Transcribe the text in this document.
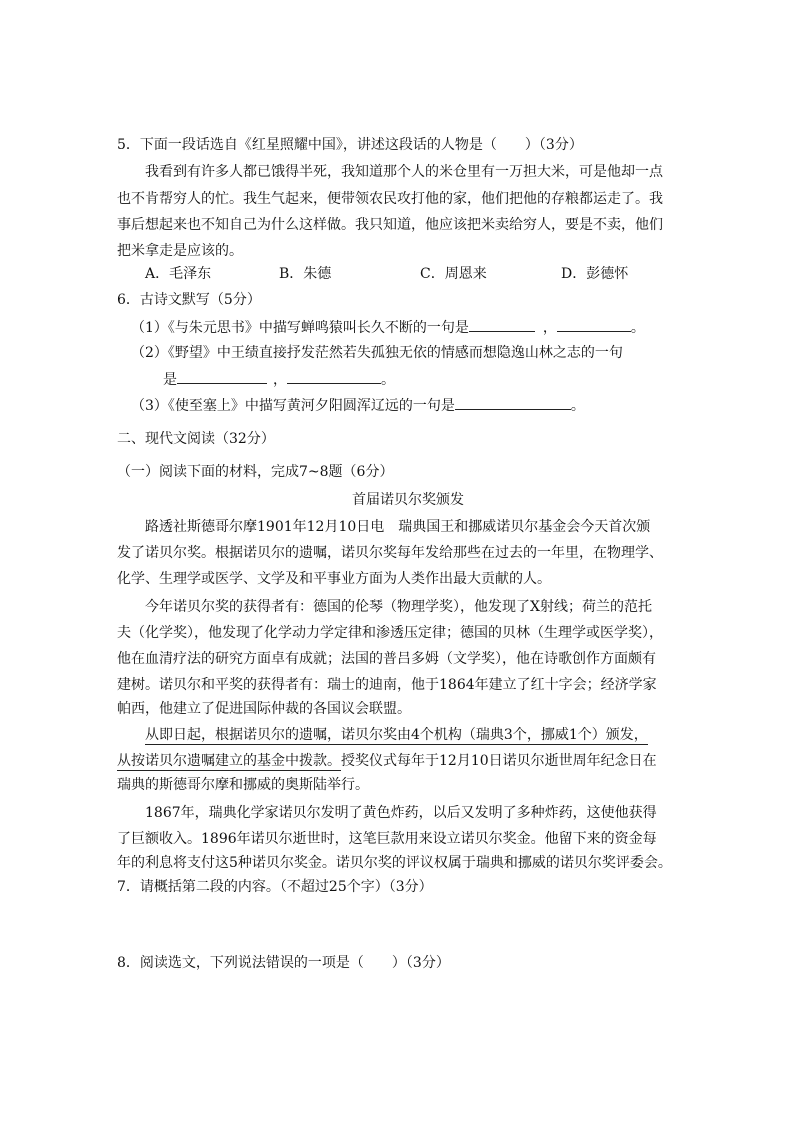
5．下面一段话选自《红星照耀中国》，讲述这段话的人物是（　　）（3分）
我看到有许多人都已饿得半死，我知道那个人的米仓里有一万担大米，可是他却一点
也不肯帮穷人的忙。我生气起来，便带领农民攻打他的家，他们把他的存粮都运走了。我
事后想起来也不知自己为什么这样做。我只知道，他应该把米卖给穷人，要是不卖，他们
把米拿走是应该的。
A．毛泽东	B．朱德	C．周恩来	D．彭德怀
6．古诗文默写（5分）
（1）《与朱元思书》中描写蝉鸣猿叫长久不断的一句是	，	。
（2）《野望》中王绩直接抒发茫然若失孤独无依的情感而想隐逸山林之志的一句
是	，	。
（3）《使至塞上》中描写黄河夕阳圆浑辽远的一句是	。
二、现代文阅读（32分）
（一）阅读下面的材料，完成7~8题（6分）
首届诺贝尔奖颁发
路透社斯德哥尔摩1901年12月10日电　瑞典国王和挪威诺贝尔基金会今天首次颁
发了诺贝尔奖。根据诺贝尔的遗嘱，诺贝尔奖每年发给那些在过去的一年里，在物理学、
化学、生理学或医学、文学及和平事业方面为人类作出最大贡献的人。
今年诺贝尔奖的获得者有：德国的伦琴（物理学奖），他发现了X射线；荷兰的范托
夫（化学奖），他发现了化学动力学定律和渗透压定律；德国的贝林（生理学或医学奖），
他在血清疗法的研究方面卓有成就；法国的普吕多姆（文学奖），他在诗歌创作方面颇有
建树。诺贝尔和平奖的获得者有：瑞士的迪南，他于1864年建立了红十字会；经济学家
帕西，他建立了促进国际仲裁的各国议会联盟。
从即日起，根据诺贝尔的遗嘱，诺贝尔奖由4个机构（瑞典3个，挪威1个）颁发，
从按诺贝尔遗嘱建立的基金中拨款。授奖仪式每年于12月10日诺贝尔逝世周年纪念日在
瑞典的斯德哥尔摩和挪威的奥斯陆举行。
1867年，瑞典化学家诺贝尔发明了黄色炸药，以后又发明了多种炸药，这使他获得
了巨额收入。1896年诺贝尔逝世时，这笔巨款用来设立诺贝尔奖金。他留下来的资金每
年的利息将支付这5种诺贝尔奖金。诺贝尔奖的评议权属于瑞典和挪威的诺贝尔奖评委会。
7．请概括第二段的内容。（不超过25个字）（3分）
8．阅读选文，下列说法错误的一项是（　　）（3分）
